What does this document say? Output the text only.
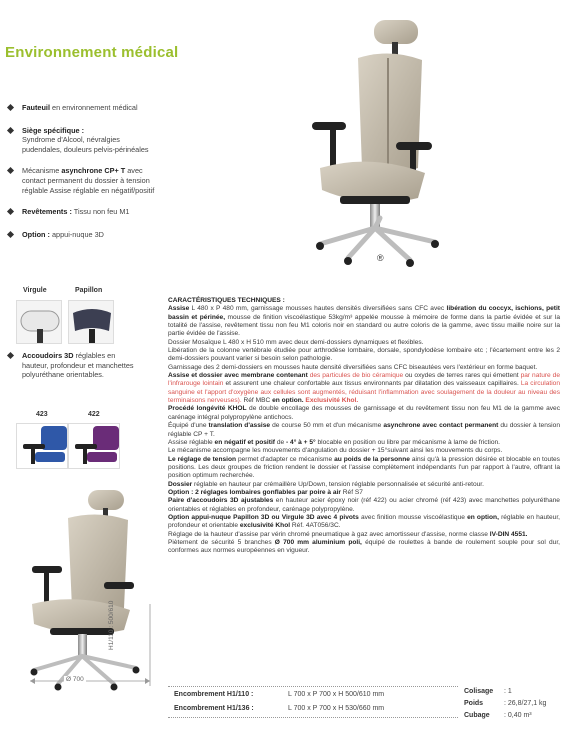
Environnement médical
®
Fauteuil en environnement médical
Siège spécifique :
Syndrome d'Alcool, névralgies pudendales, douleurs pelvis-périnéales
Mécanisme asynchrone CP+ T avec contact permanent du dossier à tension réglable Assise réglable en négatif/positif
Revêtements : Tissu non feu M1
Option : appui-nuque 3D
Virgule	Papillon
Accoudoirs 3D réglables en hauteur, profondeur et manchettes polyuréthane orientables.
423	422
Ø 700
H1/110 : 500/610

CARACTÉRISTIQUES TECHNIQUES :

Assise L 480 x P 480 mm, garnissage mousses hautes densités diversifiées sans CFC avec libération du coccyx, ischions, petit bassin et périnée, mousse de finition viscoélastique 53kg/m³ appelée mousse à mémoire de forme dans la partie évidée et sur la totalité de l'assise, revêtement tissu non feu M1 coloris noir en standard ou autre coloris de la gamme, avec tissu maille noire sur la partie évidée de l'assise.

Dossier Mosaïque L 480 x H 510 mm avec deux demi-dossiers dynamiques et flexibles.

Libération de la colonne vertébrale étudiée pour arthrodèse lombaire, dorsale, spondylodèse lombaire etc ; l'écartement entre les 2 demi-dossiers pouvant varier si besoin selon pathologie.

Garnissage des 2 demi-dossiers en mousses haute densité diversifiées sans CFC biseautées vers l'extérieur en forme baquet.

Assise et dossier avec membrane contenant des particules de bio céramique ou oxydes de terres rares qui émettent par nature de l'infrarouge lointain et assurent une chaleur confortable aux tissus environnants par dilatation des vaisseaux capillaires. La circulation sanguine et l'apport d'oxygène aux cellules sont augmentés, réduisant l'inflammation avec soulagement de la douleur au niveau des terminaisons nerveuses). Réf MBC en option. Exclusivité Khol.

Procédé longévité KHOL de double encollage des mousses de garnissage et du revêtement tissu non feu M1 de la gamme avec carénage intégral polypropylène antichocs.

Équipé d'une translation d'assise de course 50 mm et d'un mécanisme asynchrone avec contact permanent du dossier à tension réglable CP + T.

Assise réglable en négatif et positif de - 4° à + 5° blocable en position ou libre par mécanisme à lame de friction.

Le mécanisme accompagne les mouvements d'angulation du dossier + 15°suivant ainsi les mouvements du corps.

Le réglage de tension permet d'adapter ce mécanisme au poids de la personne ainsi qu'à la pression désirée et blocable en toutes positions. Les deux groupes de friction rendent le dossier et l'assise complètement indépendants l'un par rapport à l'autre, offrant la position optimum recherchée.

Dossier réglable en hauteur par crémaillère Up/Down, tension réglable personnalisée et sécurité anti-retour.

Option : 2 réglages lombaires gonflables par poire à air Réf S7

Paire d'accoudoirs 3D ajustables en hauteur acier époxy noir (réf 422) ou acier chromé (réf 423) avec manchettes polyuréthane orientables et réglables en profondeur, carénage polypropylène.

Option appui-nuque Papillon 3D ou Virgule 3D avec 4 pivots avec finition mousse viscoélastique en option, réglable en hauteur, profondeur et orientable exclusivité Khol Réf. 4AT056/3C.

Réglage de la hauteur d'assise par vérin chromé pneumatique à gaz avec amortisseur d'assise, norme classe IV-DIN 4551.

Piètement de sécurité 5 branches Ø 700 mm aluminium poli, équipé de roulettes à bande de roulement souple pour sol dur, conformes aux normes européennes en vigueur.

Encombrement H1/110 :	L 700 x P 700 x H 500/610 mm
Encombrement H1/136 :	L 700 x P 700 x H 530/660 mm
Colisage : 1
Poids	: 26,8/27,1 kg
Cubage : 0,40 m³
